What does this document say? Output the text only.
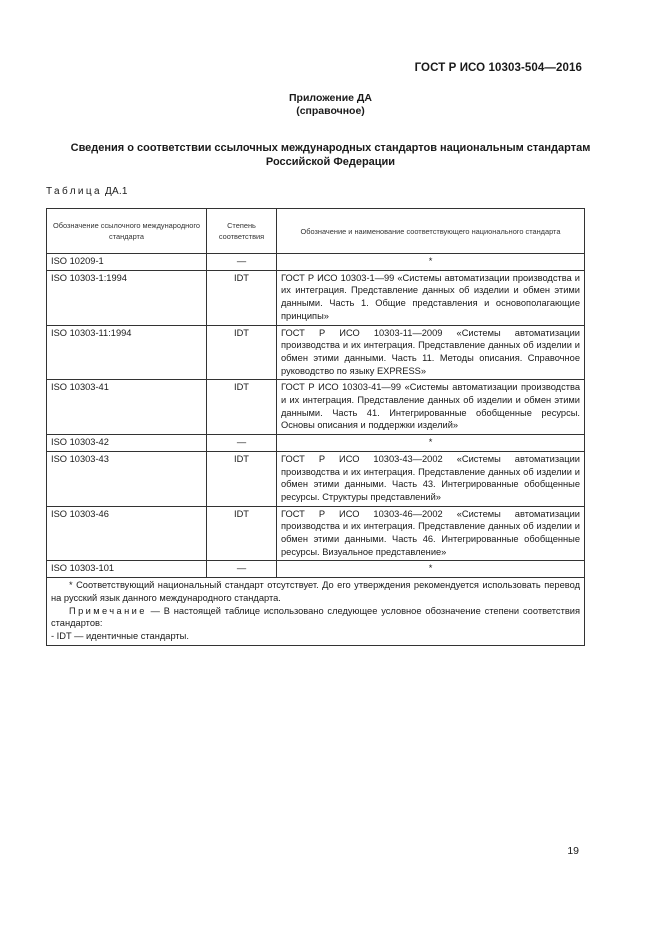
ГОСТ Р ИСО 10303-504—2016
Приложение ДА
(справочное)
Сведения о соответствии ссылочных международных стандартов национальным стандартам
Российской Федерации
Таблица ДА.1
Обозначение ссылочного международного стандарта	Степень соответствия	Обозначение и наименование соответствующего национального стандарта
ISO 10209-1	—	*
ISO 10303-1:1994	IDT	ГОСТ Р ИСО 10303-1—99 «Системы автоматизации производства и их интеграция. Представление данных об изделии и обмен этими данными. Часть 1. Общие представления и основополагающие принципы»
ISO 10303-11:1994	IDT	ГОСТ Р ИСО 10303-11—2009 «Системы автоматизации производства и их интеграция. Представление данных об изделии и обмен этими данными. Часть 11. Методы описания. Справочное руководство по языку EXPRESS»
ISO 10303-41	IDT	ГОСТ Р ИСО 10303-41—99 «Системы автоматизации производства и их интеграция. Представление данных об изделии и обмен этими данными. Часть 41. Интегрированные обобщенные ресурсы. Основы описания и поддержки изделий»
ISO 10303-42	—	*
ISO 10303-43	IDT	ГОСТ Р ИСО 10303-43—2002 «Системы автоматизации производства и их интеграция. Представление данных об изделии и обмен этими данными. Часть 43. Интегрированные обобщенные ресурсы. Структуры представлений»
ISO 10303-46	IDT	ГОСТ Р ИСО 10303-46—2002 «Системы автоматизации производства и их интеграция. Представление данных об изделии и обмен этими данными. Часть 46. Интегрированные обобщенные ресурсы. Визуальное представление»
ISO 10303-101	—	*

* Соответствующий национальный стандарт отсутствует. До его утверждения рекомендуется использовать перевод на русский язык данного международного стандарта.
Примечание — В настоящей таблице использовано следующее условное обозначение степени соответствия стандартов:
- IDT — идентичные стандарты.		
19
